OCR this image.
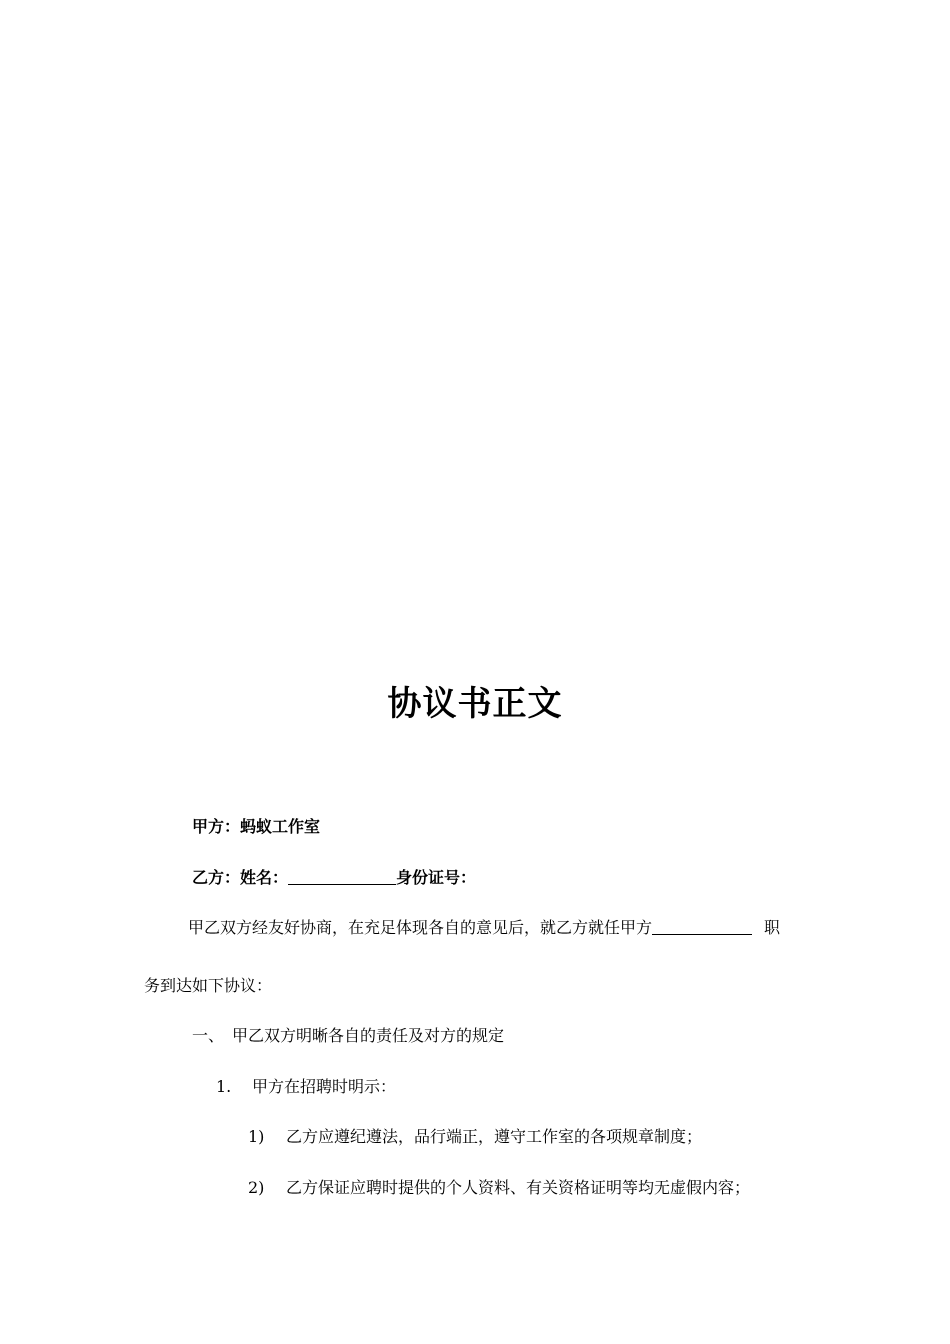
协议书正文
甲方：蚂蚁工作室
乙方：姓名：	身份证号：
甲乙双方经友好协商，在充足体现各自的意见后，就乙方就任甲方	职
务到达如下协议：
一、 甲乙双方明晰各自的责任及对方的规定
1. 甲方在招聘时明示：
1) 乙方应遵纪遵法，品行端正，遵守工作室的各项规章制度；
2) 乙方保证应聘时提供的个人资料、有关资格证明等均无虚假内容；
